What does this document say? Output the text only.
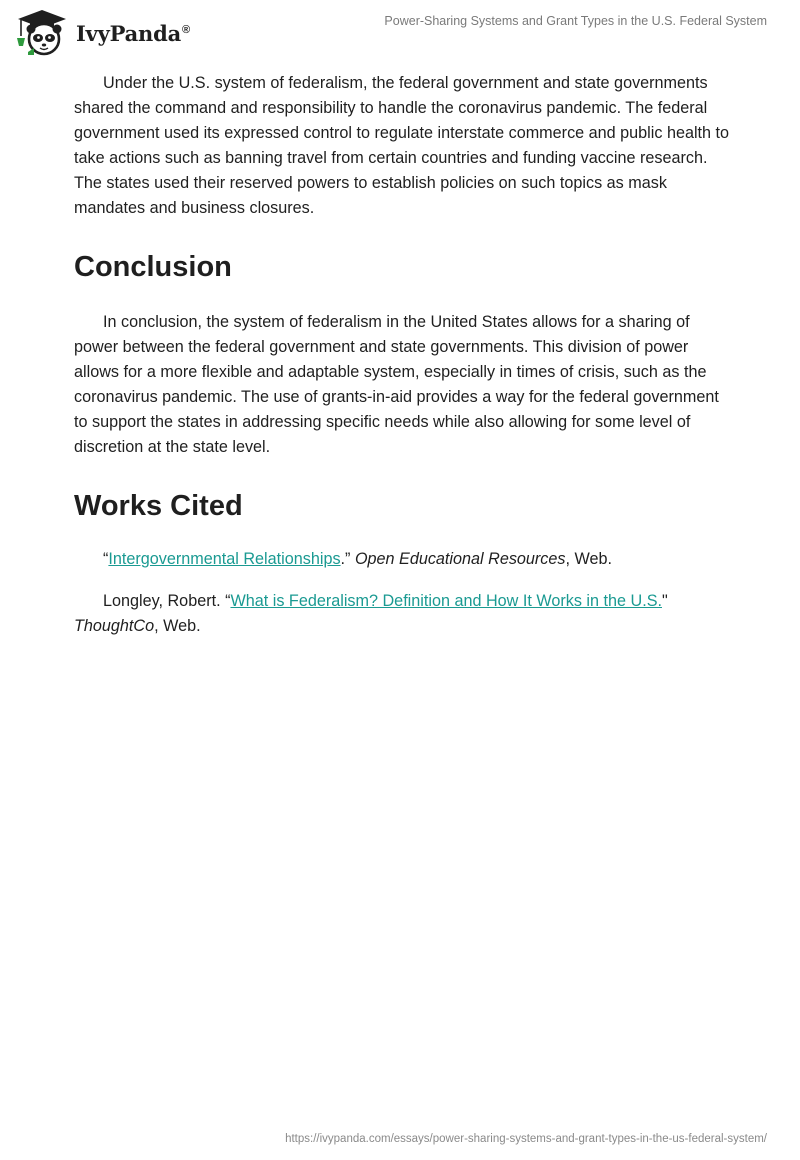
IvyPanda®
Power-Sharing Systems and Grant Types in the U.S. Federal System

Under the U.S. system of federalism, the federal government and state governments shared the command and responsibility to handle the coronavirus pandemic. The federal government used its expressed control to regulate interstate commerce and public health to take actions such as banning travel from certain countries and funding vaccine research. The states used their reserved powers to establish policies on such topics as mask mandates and business closures.

Conclusion

In conclusion, the system of federalism in the United States allows for a sharing of power between the federal government and state governments. This division of power allows for a more flexible and adaptable system, especially in times of crisis, such as the coronavirus pandemic. The use of grants-in-aid provides a way for the federal government to support the states in addressing specific needs while also allowing for some level of discretion at the state level.

Works Cited

“Intergovernmental Relationships.” Open Educational Resources, Web.

Longley, Robert. “What is Federalism? Definition and How It Works in the U.S."
ThoughtCo, Web.

https://ivypanda.com/essays/power-sharing-systems-and-grant-types-in-the-us-federal-system/
